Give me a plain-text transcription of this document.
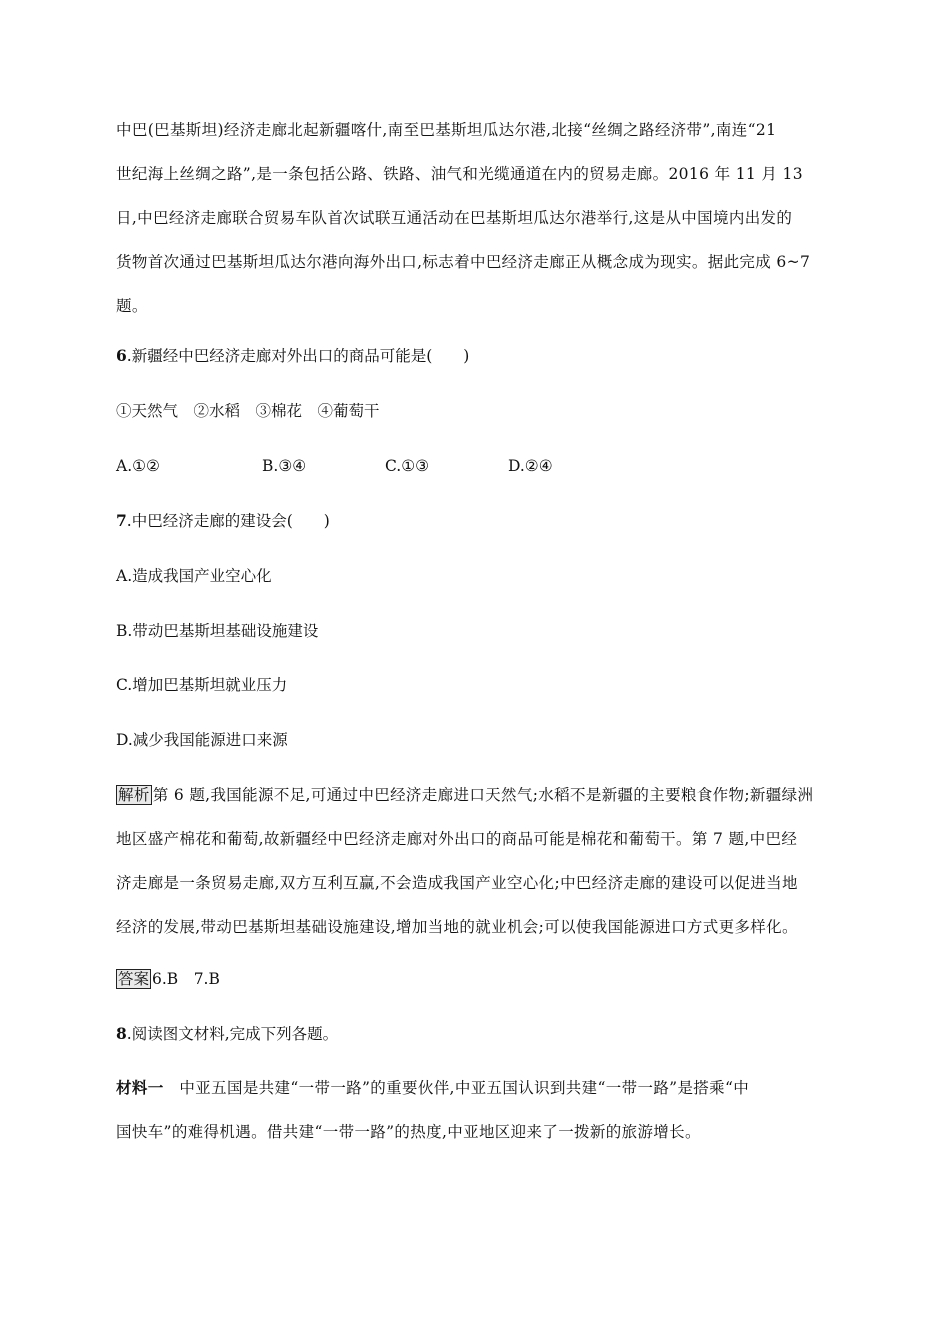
中巴(巴基斯坦)经济走廊北起新疆喀什,南至巴基斯坦瓜达尔港,北接“丝绸之路经济带”,南连“21
世纪海上丝绸之路”,是一条包括公路、铁路、油气和光缆通道在内的贸易走廊。2016 年 11 月 13
日,中巴经济走廊联合贸易车队首次试联互通活动在巴基斯坦瓜达尔港举行,这是从中国境内出发的
货物首次通过巴基斯坦瓜达尔港向海外出口,标志着中巴经济走廊正从概念成为现实。据此完成 6~7
题。
6.新疆经中巴经济走廊对外出口的商品可能是(　　)
①天然气　②水稻　③棉花　④葡萄干
A.①②	B.③④	C.①③	D.②④
7.中巴经济走廊的建设会(　　)
A.造成我国产业空心化
B.带动巴基斯坦基础设施建设
C.增加巴基斯坦就业压力
D.减少我国能源进口来源
解析 第 6 题,我国能源不足,可通过中巴经济走廊进口天然气;水稻不是新疆的主要粮食作物;新疆绿洲
地区盛产棉花和葡萄,故新疆经中巴经济走廊对外出口的商品可能是棉花和葡萄干。第 7 题,中巴经
济走廊是一条贸易走廊,双方互利互赢,不会造成我国产业空心化;中巴经济走廊的建设可以促进当地
经济的发展,带动巴基斯坦基础设施建设,增加当地的就业机会;可以使我国能源进口方式更多样化。
答案 6.B　7.B
8.阅读图文材料,完成下列各题。
材料一　中亚五国是共建“一带一路”的重要伙伴,中亚五国认识到共建“一带一路”是搭乘“中
国快车”的难得机遇。借共建“一带一路”的热度,中亚地区迎来了一拨新的旅游增长。
